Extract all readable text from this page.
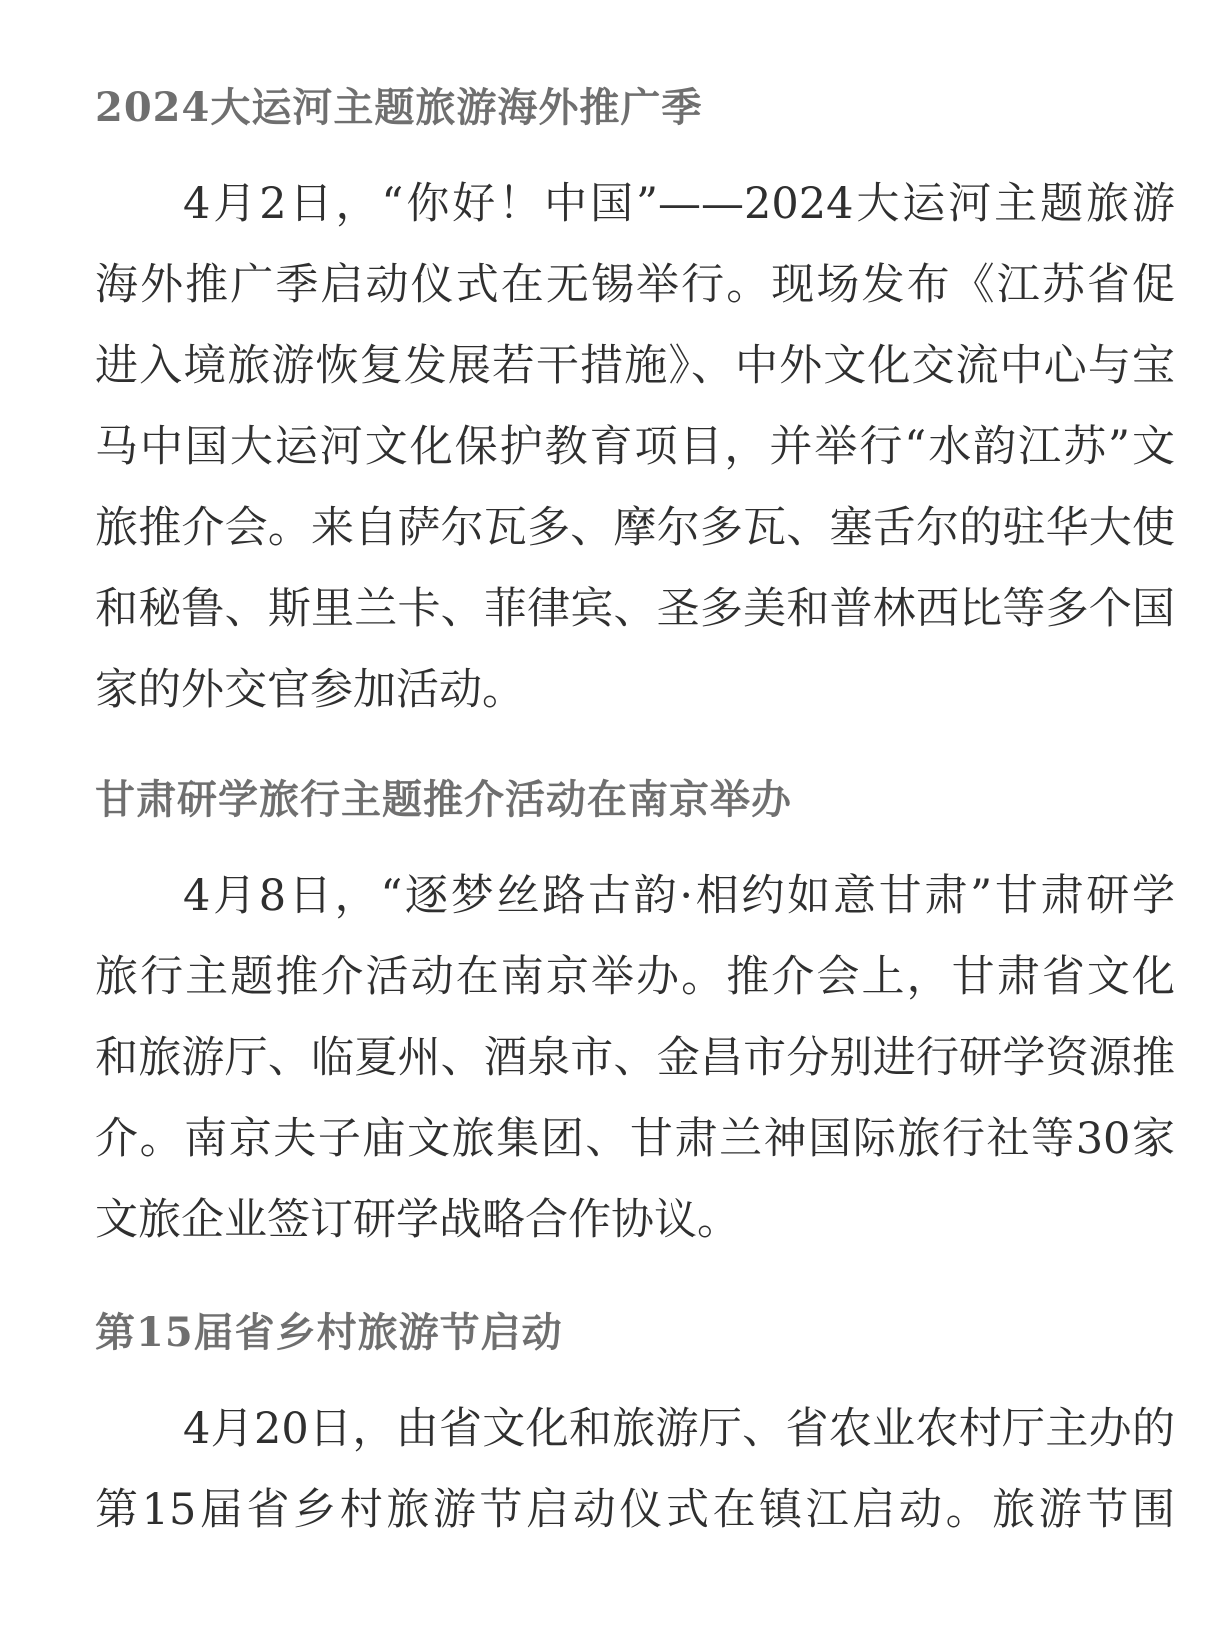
2024大运河主题旅游海外推广季
4月2日，“你好！中国”——2024大运河主题旅游
海外推广季启动仪式在无锡举行。现场发布《江苏省促
进入境旅游恢复发展若干措施》、中外文化交流中心与宝
马中国大运河文化保护教育项目，并举行“水韵江苏”文
旅推介会。来自萨尔瓦多、摩尔多瓦、塞舌尔的驻华大使
和秘鲁、斯里兰卡、菲律宾、圣多美和普林西比等多个国
家的外交官参加活动。
甘肃研学旅行主题推介活动在南京举办
4月8日，“逐梦丝路古韵·相约如意甘肃”甘肃研学
旅行主题推介活动在南京举办。推介会上，甘肃省文化
和旅游厅、临夏州、酒泉市、金昌市分别进行研学资源推
介。南京夫子庙文旅集团、甘肃兰神国际旅行社等30家
文旅企业签订研学战略合作协议。
第15届省乡村旅游节启动
4月20日，由省文化和旅游厅、省农业农村厅主办的
第15届省乡村旅游节启动仪式在镇江启动。旅游节围
